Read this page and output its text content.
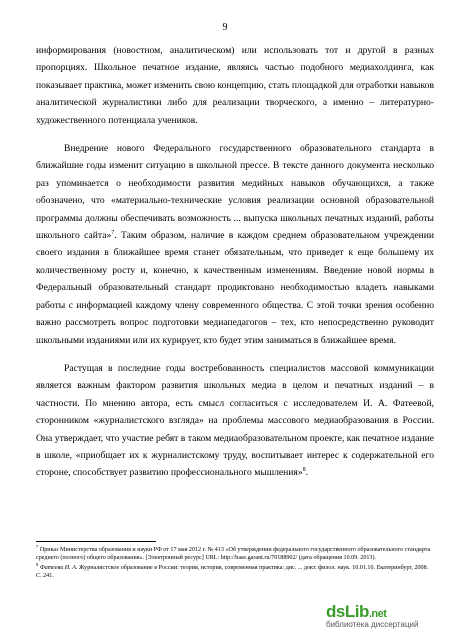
9

информирования (новостном, аналитическом) или использовать тот и другой в разных пропорциях. Школьное печатное издание, являясь частью подобного медиахолдинга, как показывает практика, может изменить свою концепцию, стать площадкой для отработки навыков аналитической журналистики либо для реализации творческого, а именно – литературно-художественного потенциала учеников.

Внедрение нового Федерального государственного образовательного стандарта в ближайшие годы изменит ситуацию в школьной прессе. В тексте данного документа несколько раз упоминается о необходимости развития медийных навыков обучающихся, а также обозначено, что «материально-технические условия реализации основной образовательной программы должны обеспечивать возможность ... выпуска школьных печатных изданий, работы школьного сайта»$^7$. Таким образом, наличие в каждом среднем образовательном учреждении своего издания в ближайшее время станет обязательным, что приведет к еще большему их количественному росту и, конечно, к качественным изменениям. Введение новой нормы в Федеральный образовательный стандарт продиктовано необходимостью владеть навыками работы с информацией каждому члену современного общества. С этой точки зрения особенно важно рассмотреть вопрос подготовки медиапедагогов – тех, кто непосредственно руководит школьными изданиями или их курирует, кто будет этим заниматься в ближайшее время.

Растущая в последние годы востребованность специалистов массовой коммуникации является важным фактором развития школьных медиа в целом и печатных изданий – в частности. По мнению автора, есть смысл согласиться с исследователем И. А. Фатеевой, сторонником «журналистского взгляда» на проблемы массового медиаобразования в России. Она утверждает, что участие ребят в таком медиаобразовательном проекте, как печатное издание в школе, «приобщает их к журналистскому труду, воспитывает интерес к содержательной его стороне, способствует развитию профессионального мышления»$^8$.

$^7$ Приказ Министерства образования и науки РФ от 17 мая 2012 г. № 413 «Об утверждении федерального государственного образовательного стандарта среднего (полного) общего образования». [Электронный ресурс] URL: http://base.garant.ru/70188902/ (дата обращения 10.09. 2013).

$^8$ Фатеева И. А. Журналистское образование в России: теория, история, современная практика: дис. ... докт. филол. наук. 10.01.10. Екатеринбург, 2008. С. 241.

dsLib.net
библиотека диссертаций
